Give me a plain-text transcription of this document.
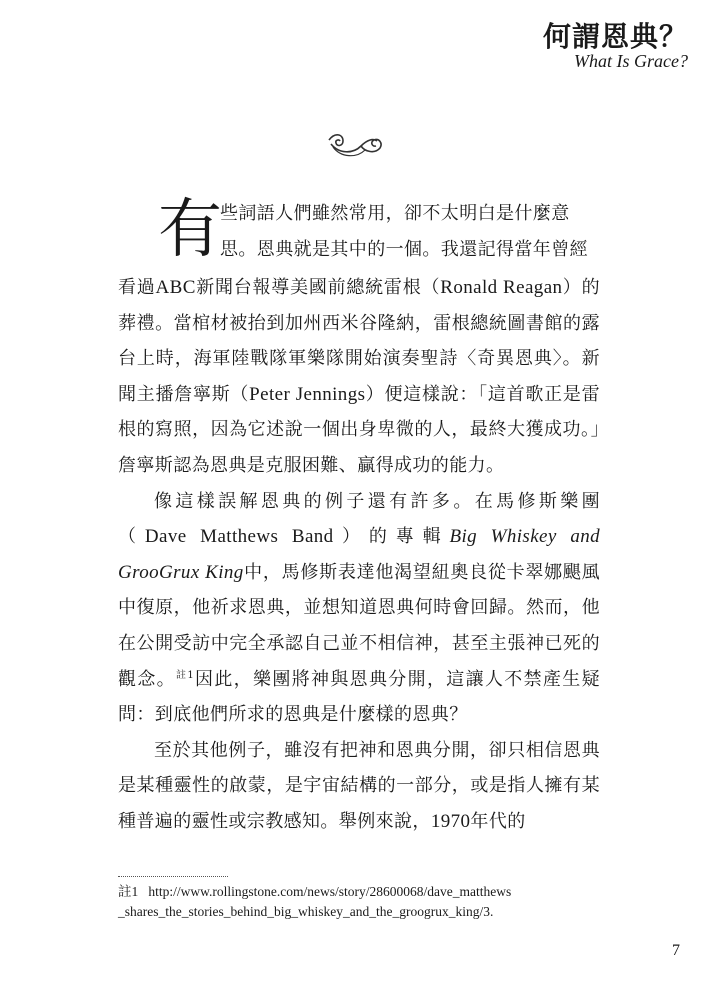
何謂恩典？
What Is Grace?
有
些詞語人們雖然常用，卻不太明白是什麼意
思。恩典就是其中的一個。我還記得當年曾經

看過ABC新聞台報導美國前總統雷根（Ronald Reagan）的葬禮。當棺材被抬到加州西米谷隆納，雷根總統圖書館的露台上時，海軍陸戰隊軍樂隊開始演奏聖詩〈奇異恩典〉。新聞主播詹寧斯（Peter Jennings）便這樣說：「這首歌正是雷根的寫照，因為它述說一個出身卑微的人，最終大獲成功。」詹寧斯認為恩典是克服困難、贏得成功的能力。

像這樣誤解恩典的例子還有許多。在馬修斯樂團（Dave Matthews Band）的專輯Big Whiskey and GrooGrux King中，馬修斯表達他渴望紐奧良從卡翠娜颶風中復原，他祈求恩典，並想知道恩典何時會回歸。然而，他在公開受訪中完全承認自己並不相信神，甚至主張神已死的觀念。$^{註1}$因此，樂團將神與恩典分開，這讓人不禁產生疑問：到底他們所求的恩典是什麼樣的恩典？

至於其他例子，雖沒有把神和恩典分開，卻只相信恩典是某種靈性的啟蒙，是宇宙結構的一部分，或是指人擁有某種普遍的靈性或宗教感知。舉例來說，1970年代的

註1 http://www.rollingstone.com/news/story/28600068/dave_matthews _shares_the_stories_behind_big_whiskey_and_the_groogrux_king/3.
7
